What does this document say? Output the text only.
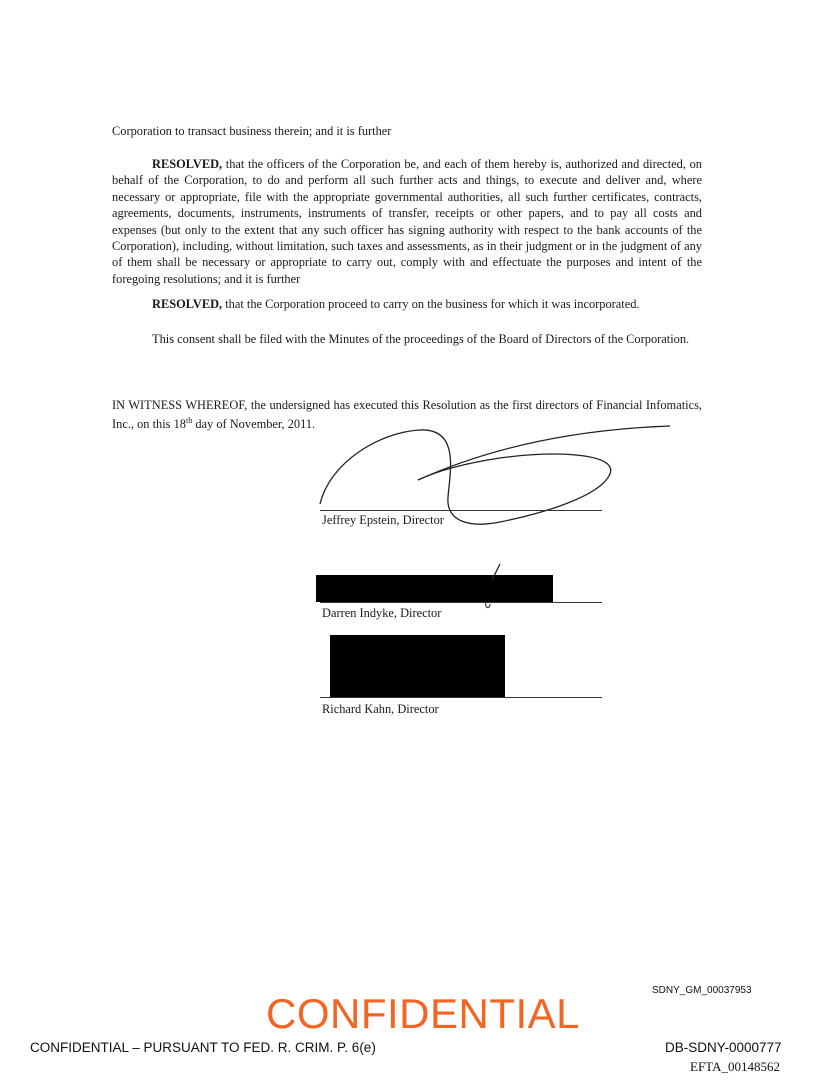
Corporation to transact business therein; and it is further
RESOLVED, that the officers of the Corporation be, and each of them hereby is, authorized and directed, on behalf of the Corporation, to do and perform all such further acts and things, to execute and deliver and, where necessary or appropriate, file with the appropriate governmental authorities, all such further certificates, contracts, agreements, documents, instruments, instruments of transfer, receipts or other papers, and to pay all costs and expenses (but only to the extent that any such officer has signing authority with respect to the bank accounts of the Corporation), including, without limitation, such taxes and assessments, as in their judgment or in the judgment of any of them shall be necessary or appropriate to carry out, comply with and effectuate the purposes and intent of the foregoing resolutions; and it is further
RESOLVED, that the Corporation proceed to carry on the business for which it was incorporated.
This consent shall be filed with the Minutes of the proceedings of the Board of Directors of the Corporation.
IN WITNESS WHEREOF, the undersigned has executed this Resolution as the first directors of Financial Infomatics, Inc., on this 18th day of November, 2011.
Jeffrey Epstein, Director
Darren Indyke, Director
Richard Kahn, Director
SDNY_GM_00037953
CONFIDENTIAL
CONFIDENTIAL – PURSUANT TO FED. R. CRIM. P. 6(e)	DB-SDNY-0000777
EFTA_00148562
